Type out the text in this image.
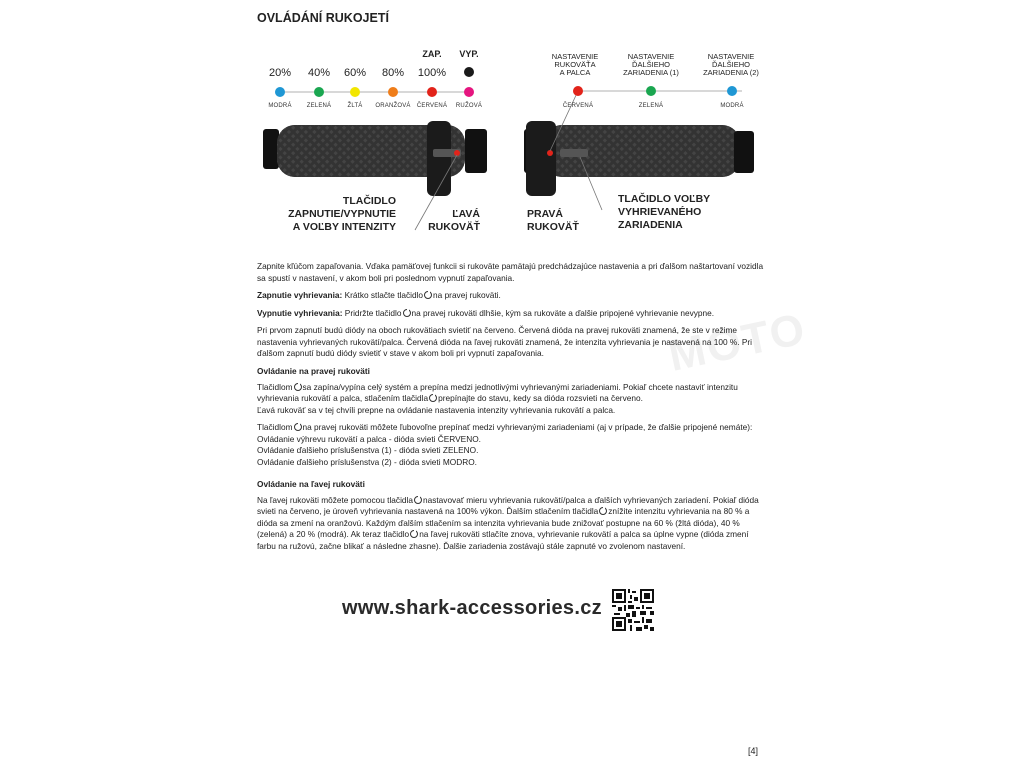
OVLÁDÁNÍ RUKOJETÍ
ZAP.	VYP.
20%	40%	60%	80%	100%
MODRÁ	ZELENÁ	ŽLTÁ	ORANŽOVÁ	ČERVENÁ	RUŽOVÁ
TLAČIDLO
ZAPNUTIE/VYPNUTIE
A VOĽBY INTENZITY
ĽAVÁ
RUKOVÄŤ
NASTAVENIE
RUKOVÄŤA
A PALCA
NASTAVENIE
ĎALŠIEHO
ZARIADENIA (1)
NASTAVENIE
ĎALŠIEHO
ZARIADENIA (2)
ČERVENÁ	ZELENÁ	MODRÁ
PRAVÁ
RUKOVÄŤ
TLAČIDLO VOĽBY
VYHRIEVANÉHO
ZARIADENIA
MOTO

Zapnite kľúčom zapaľovania. Vďaka pamäťovej funkcii si rukoväte pamätajú predchádzajúce nastavenia a pri ďalšom naštartovaní vozidla sa spustí v nastavení, v akom boli pri poslednom vypnutí zapaľovania.

Zapnutie vyhrievania: Krátko stlačte tlačidlo na pravej rukoväti.

Vypnutie vyhrievania: Pridržte tlačidlo na pravej rukoväti dlhšie, kým sa rukoväte a ďalšie pripojené vyhrievanie nevypne.

Pri prvom zapnutí budú diódy na oboch rukovätiach svietiť na červeno. Červená dióda na pravej rukoväti znamená, že ste v režime nastavenia vyhrievaných rukovätí/palca. Červená dióda na ľavej rukoväti znamená, že intenzita vyhrievania je nastavená na 100 %. Pri ďalšom zapnutí budú diódy svietiť v stave v akom boli pri vypnutí zapaľovania.

Ovládanie na pravej rukoväti

Tlačidlom sa zapína/vypína celý systém a prepína medzi jednotlivými vyhrievanými zariadeniami. Pokiaľ chcete nastaviť intenzitu vyhrievania rukovätí a palca, stlačením tlačidla prepínajte do stavu, kedy sa dióda rozsvieti na červeno.
Ľavá rukoväť sa v tej chvíli prepne na ovládanie nastavenia intenzity vyhrievania rukovätí a palca.

Tlačidlom na pravej rukoväti môžete ľubovoľne prepínať medzi vyhrievanými zariadeniami (aj v prípade, že ďalšie pripojené nemáte):

Ovládanie výhrevu rukovätí a palca - dióda svieti ČERVENO.

Ovládanie ďalšieho príslušenstva (1) - dióda svieti ZELENO.

Ovládanie ďalšieho príslušenstva (2) - dióda svieti MODRO.

Ovládanie na ľavej rukoväti

Na ľavej rukoväti môžete pomocou tlačidla nastavovať mieru vyhrievania rukovätí/palca a ďalších vyhrievaných zariadení. Pokiaľ dióda svieti na červeno, je úroveň vyhrievania nastavená na 100% výkon. Ďalším stlačením tlačidla znížite intenzitu vyhrievania na 80 % a dióda sa zmení na oranžovú. Každým ďalším stlačením sa intenzita vyhrievania bude znižovať postupne na 60 % (žltá dióda), 40 % (zelená) a 20 % (modrá). Ak teraz tlačidlo na ľavej rukoväti stlačíte znova, vyhrievanie rukovätí a palca sa úplne vypne (dióda zmení farbu na ružovú, začne blikať a následne zhasne). Ďalšie zariadenia zostávajú stále zapnuté vo zvolenom nastavení.

www.shark-accessories.cz
[4]
